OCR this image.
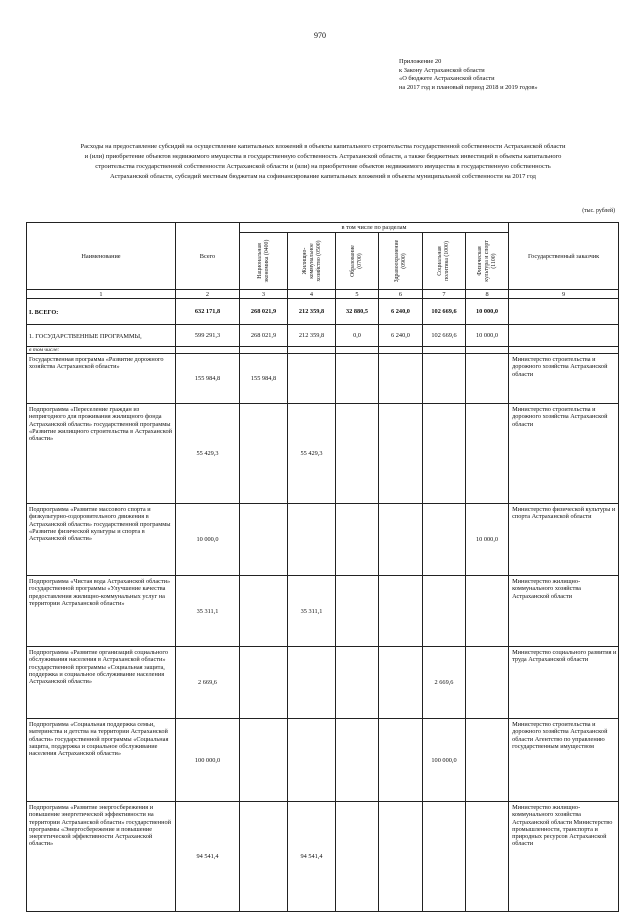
970
Приложение 20
к Закону Астраханской области
«О бюджете Астраханской области
на 2017 год и плановый период 2018 и 2019 годов»
Расходы на предоставление субсидий на осуществление капитальных вложений в объекты капитального строительства государственной собственности Астраханской области
и (или) приобретение объектов недвижимого имущества в государственную собственность Астраханской области, а также бюджетных инвестиций в объекты капитального
строительства государственной собственности Астраханской области и (или) на приобретение объектов недвижимого имущества в государственную собственность
Астраханской области, субсидий местным бюджетам на софинансирование капитальных вложений в объекты муниципальной собственности на 2017 год
(тыс. рублей)
Наименование	Всего	в том числе по разделам						Государственный заказчик

		Национальная
экономика (0400)	Жилищно-
коммунальное
хозяйство (0500)	Образование
(0700)	Здравоохранение
(0900)	Социальная
политика (1000)	Физическая
культура и спорт
(1100)	

1	2	3	4	5	6	7	8	9
I. ВСЕГО:	632 171,8	268 021,9	212 359,8	32 880,5	6 240,0	102 669,6	10 000,0	
1. ГОСУДАРСТВЕННЫЕ ПРОГРАММЫ,	599 291,3	268 021,9	212 359,8	0,0	6 240,0	102 669,6	10 000,0	
в том числе:								
Государственная программа «Развитие дорожного хозяйства Астраханской области»	155 984,8	155 984,8						Министерство строительства и дорожного хозяйства Астраханской области
Подпрограмма «Переселение граждан из непригодного для проживания жилищного фонда Астраханской области» государственной программы «Развитие жилищного строительства в Астраханской области»	55 429,3		55 429,3					Министерство строительства и дорожного хозяйства Астраханской области
Подпрограмма «Развитие массового спорта и физкультурно-оздоровительного движения в Астраханской области» государственной программы «Развитие физической культуры и спорта в Астраханской области»	10 000,0						10 000,0	Министерство физической культуры и спорта Астраханской области
Подпрограмма «Чистая вода Астраханской области» государственной программы «Улучшение качества предоставления жилищно-коммунальных услуг на территории Астраханской области»	35 311,1		35 311,1					Министерство жилищно-коммунального хозяйства Астраханской области
Подпрограмма «Развитие организаций социального обслуживания населения в Астраханской области» государственной программы «Социальная защита, поддержка и социальное обслуживание населения Астраханской области»	2 669,6					2 669,6		Министерство социального развития и труда Астраханской области
Подпрограмма «Социальная поддержка семьи, материнства и детства на территории Астраханской области» государственной программы «Социальная защита, поддержка и социальное обслуживание населения Астраханской области»	100 000,0					100 000,0		Министерство строительства и дорожного хозяйства Астраханской области Агентство по управлению государственным имуществом
Подпрограмма «Развитие энергосбережения и повышение энергетической эффективности на территории Астраханской области» государственной программы «Энергосбережение и повышение энергетической эффективности Астраханской области»	94 541,4		94 541,4					Министерство жилищно-коммунального хозяйства Астраханской области Министерство промышленности, транспорта и природных ресурсов Астраханской области
